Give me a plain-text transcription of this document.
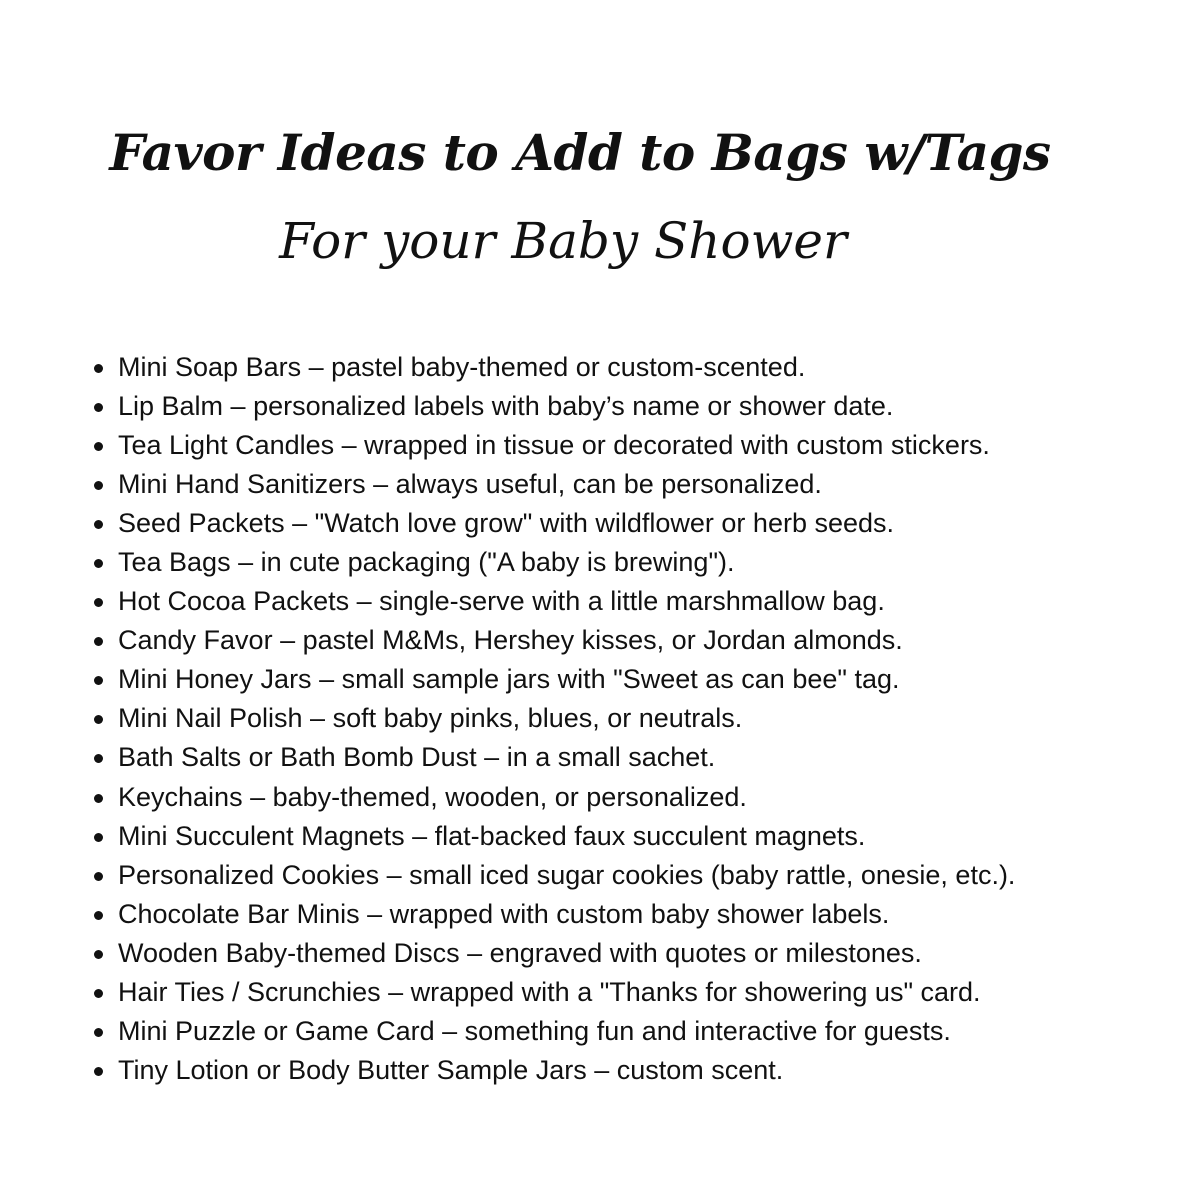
Favor Ideas to Add to Bags w/Tags
For your Baby Shower
Mini Soap Bars – pastel baby-themed or custom-scented.
Lip Balm – personalized labels with baby’s name or shower date.
Tea Light Candles – wrapped in tissue or decorated with custom stickers.
Mini Hand Sanitizers – always useful, can be personalized.
Seed Packets – "Watch love grow" with wildflower or herb seeds.
Tea Bags – in cute packaging ("A baby is brewing").
Hot Cocoa Packets – single-serve with a little marshmallow bag.
Candy Favor – pastel M&Ms, Hershey kisses, or Jordan almonds.
Mini Honey Jars – small sample jars with "Sweet as can bee" tag.
Mini Nail Polish – soft baby pinks, blues, or neutrals.
Bath Salts or Bath Bomb Dust – in a small sachet.
Keychains – baby-themed, wooden, or personalized.
Mini Succulent Magnets – flat-backed faux succulent magnets.
Personalized Cookies – small iced sugar cookies (baby rattle, onesie, etc.).
Chocolate Bar Minis – wrapped with custom baby shower labels.
Wooden Baby-themed Discs – engraved with quotes or milestones.
Hair Ties / Scrunchies – wrapped with a "Thanks for showering us" card.
Mini Puzzle or Game Card – something fun and interactive for guests.
Tiny Lotion or Body Butter Sample Jars – custom scent.
